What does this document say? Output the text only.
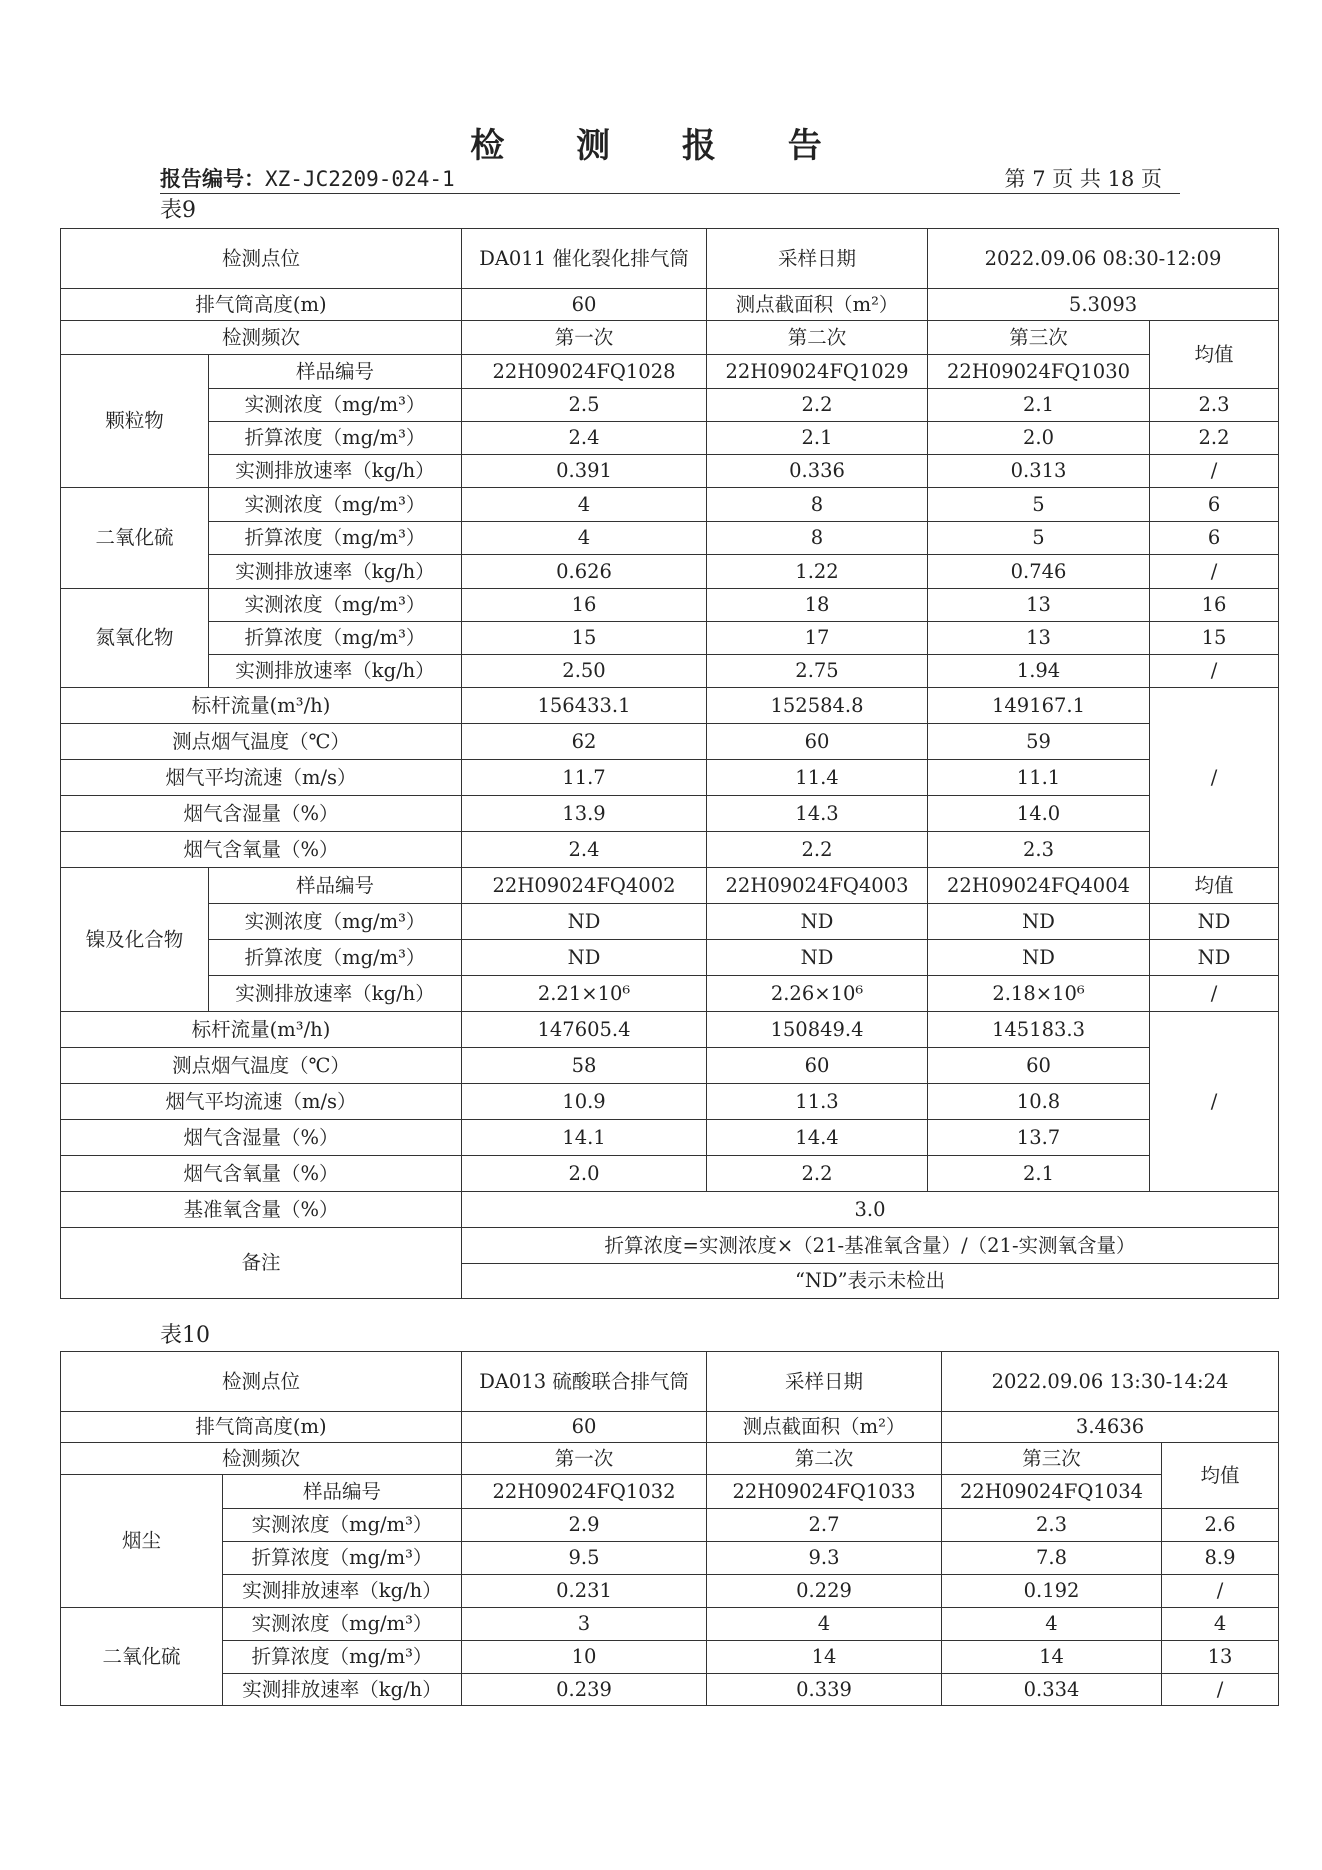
检 测 报 告
报告编号：XZ-JC2209-024-1	第 7 页 共 18 页
表9
检测点位		DA011 催化裂化排气筒	采样日期	2022.09.06 08:30-12:09	
排气筒高度(m)		60	测点截面积（m²）	5.3093	
检测频次		第一次	第二次	第三次	均值
颗粒物	样品编号	22H09024FQ1028	22H09024FQ1029	22H09024FQ1030	
	实测浓度（mg/m³）	2.5	2.2	2.1	2.3
	折算浓度（mg/m³）	2.4	2.1	2.0	2.2
	实测排放速率（kg/h）	0.391	0.336	0.313	/
二氧化硫	实测浓度（mg/m³）	4	8	5	6
	折算浓度（mg/m³）	4	8	5	6
	实测排放速率（kg/h）	0.626	1.22	0.746	/
氮氧化物	实测浓度（mg/m³）	16	18	13	16
	折算浓度（mg/m³）	15	17	13	15
	实测排放速率（kg/h）	2.50	2.75	1.94	/
标杆流量(m³/h)		156433.1	152584.8	149167.1	/
测点烟气温度（℃）		62	60	59	
烟气平均流速（m/s）		11.7	11.4	11.1	
烟气含湿量（%）		13.9	14.3	14.0	
烟气含氧量（%）		2.4	2.2	2.3	
镍及化合物	样品编号	22H09024FQ4002	22H09024FQ4003	22H09024FQ4004	均值
	实测浓度（mg/m³）	ND	ND	ND	ND
	折算浓度（mg/m³）	ND	ND	ND	ND
	实测排放速率（kg/h）	2.21×10⁶	2.26×10⁶	2.18×10⁶	/
标杆流量(m³/h)		147605.4	150849.4	145183.3	/
测点烟气温度（℃）		58	60	60	
烟气平均流速（m/s）		10.9	11.3	10.8	
烟气含湿量（%）		14.1	14.4	13.7	
烟气含氧量（%）		2.0	2.2	2.1	
基准氧含量（%）		3.0			
备注		折算浓度=实测浓度×（21-基准氧含量）/（21-实测氧含量）			
		“ND”表示未检出			
表10
检测点位		DA013 硫酸联合排气筒	采样日期	2022.09.06 13:30-14:24	
排气筒高度(m)		60	测点截面积（m²）	3.4636	
检测频次		第一次	第二次	第三次	均值
烟尘	样品编号	22H09024FQ1032	22H09024FQ1033	22H09024FQ1034	
	实测浓度（mg/m³）	2.9	2.7	2.3	2.6
	折算浓度（mg/m³）	9.5	9.3	7.8	8.9
	实测排放速率（kg/h）	0.231	0.229	0.192	/
二氧化硫	实测浓度（mg/m³）	3	4	4	4
	折算浓度（mg/m³）	10	14	14	13
	实测排放速率（kg/h）	0.239	0.339	0.334	/
